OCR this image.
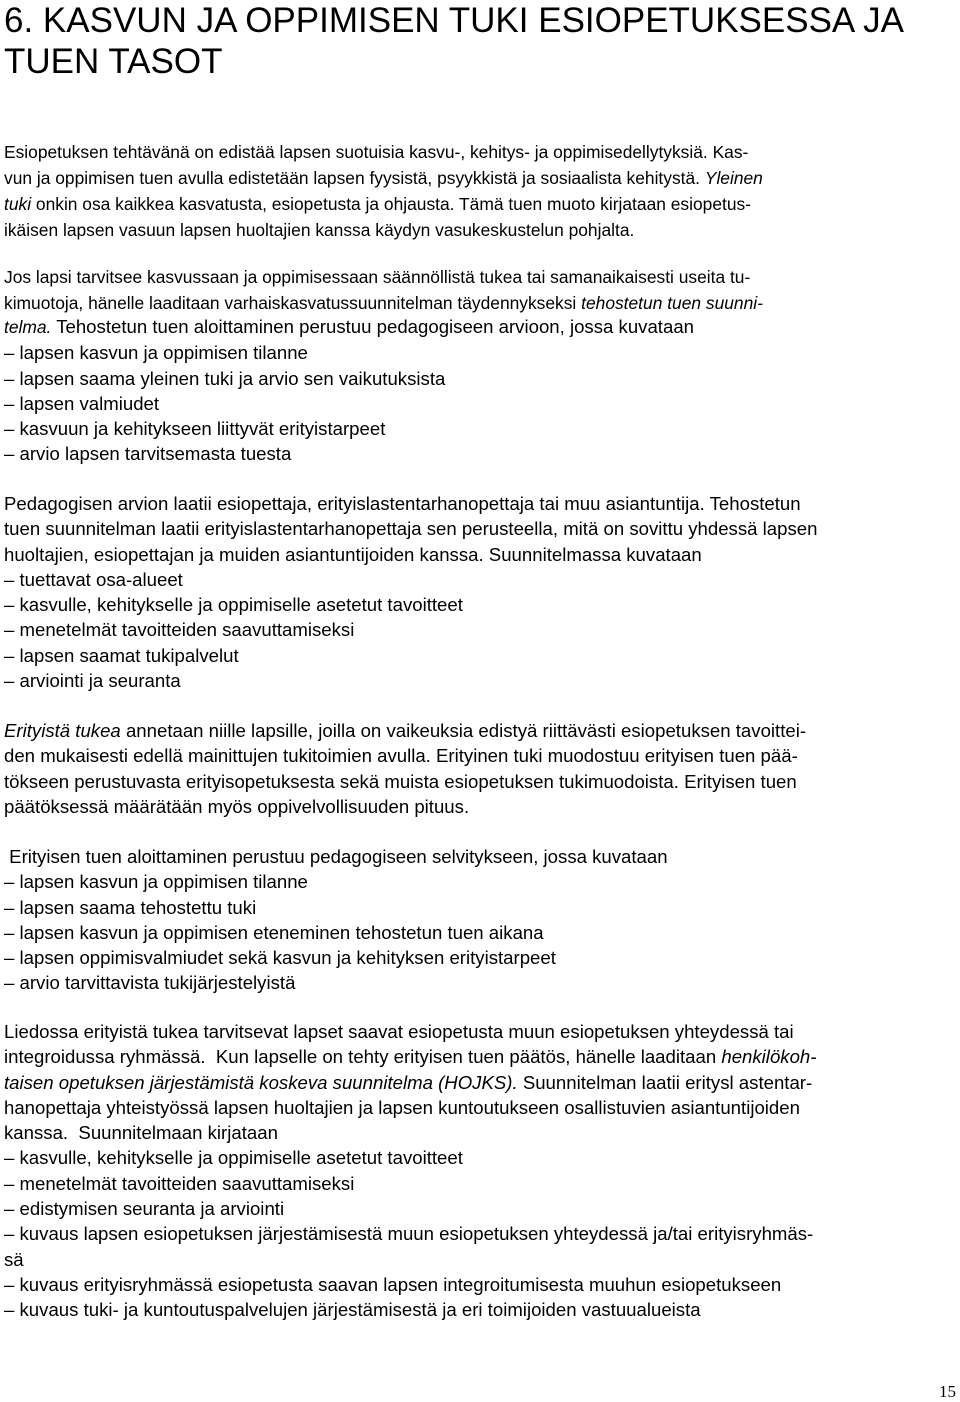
6. KASVUN JA OPPIMISEN TUKI ESIOPETUKSESSA JA
TUEN TASOT
Esiopetuksen tehtävänä on edistää lapsen suotuisia kasvu-, kehitys- ja oppimisedellytyksiä. Kas-
vun ja oppimisen tuen avulla edistetään lapsen fyysistä, psyykkistä ja sosiaalista kehitystä. Yleinen
tuki onkin osa kaikkea kasvatusta, esiopetusta ja ohjausta. Tämä tuen muoto kirjataan esiopetus-
ikäisen lapsen vasuun lapsen huoltajien kanssa käydyn vasukeskustelun pohjalta.
Jos lapsi tarvitsee kasvussaan ja oppimisessaan säännöllistä tukea tai samanaikaisesti useita tu-
kimuotoja, hänelle laaditaan varhaiskasvatussuunnitelman täydennykseksi tehostetun tuen suunni-
telma. Tehostetun tuen aloittaminen perustuu pedagogiseen arvioon, jossa kuvataan
– lapsen kasvun ja oppimisen tilanne
– lapsen saama yleinen tuki ja arvio sen vaikutuksista
– lapsen valmiudet
– kasvuun ja kehitykseen liittyvät erityistarpeet
– arvio lapsen tarvitsemasta tuesta
Pedagogisen arvion laatii esiopettaja, erityislastentarhanopettaja tai muu asiantuntija. Tehostetun
tuen suunnitelman laatii erityislastentarhanopettaja sen perusteella, mitä on sovittu yhdessä lapsen
huoltajien, esiopettajan ja muiden asiantuntijoiden kanssa. Suunnitelmassa kuvataan
– tuettavat osa-alueet
– kasvulle, kehitykselle ja oppimiselle asetetut tavoitteet
– menetelmät tavoitteiden saavuttamiseksi
– lapsen saamat tukipalvelut
– arviointi ja seuranta
Erityistä tukea annetaan niille lapsille, joilla on vaikeuksia edistyä riittävästi esiopetuksen tavoittei-
den mukaisesti edellä mainittujen tukitoimien avulla. Erityinen tuki muodostuu erityisen tuen pää-
tökseen perustuvasta erityisopetuksesta sekä muista esiopetuksen tukimuodoista. Erityisen tuen
päätöksessä määrätään myös oppivelvollisuuden pituus.
Erityisen tuen aloittaminen perustuu pedagogiseen selvitykseen, jossa kuvataan
– lapsen kasvun ja oppimisen tilanne
– lapsen saama tehostettu tuki
– lapsen kasvun ja oppimisen eteneminen tehostetun tuen aikana
– lapsen oppimisvalmiudet sekä kasvun ja kehityksen erityistarpeet
– arvio tarvittavista tukijärjestelyistä
Liedossa erityistä tukea tarvitsevat lapset saavat esiopetusta muun esiopetuksen yhteydessä tai
integroidussa ryhmässä.  Kun lapselle on tehty erityisen tuen päätös, hänelle laaditaan henkilökoh-
taisen opetuksen järjestämistä koskeva suunnitelma (HOJKS). Suunnitelman laatii eritysl astentar-
hanopettaja yhteistyössä lapsen huoltajien ja lapsen kuntoutukseen osallistuvien asiantuntijoiden
kanssa.  Suunnitelmaan kirjataan
– kasvulle, kehitykselle ja oppimiselle asetetut tavoitteet
– menetelmät tavoitteiden saavuttamiseksi
– edistymisen seuranta ja arviointi
– kuvaus lapsen esiopetuksen järjestämisestä muun esiopetuksen yhteydessä ja/tai erityisryhmäs-
sä
– kuvaus erityisryhmässä esiopetusta saavan lapsen integroitumisesta muuhun esiopetukseen
– kuvaus tuki- ja kuntoutuspalvelujen järjestämisestä ja eri toimijoiden vastuualueista
15
